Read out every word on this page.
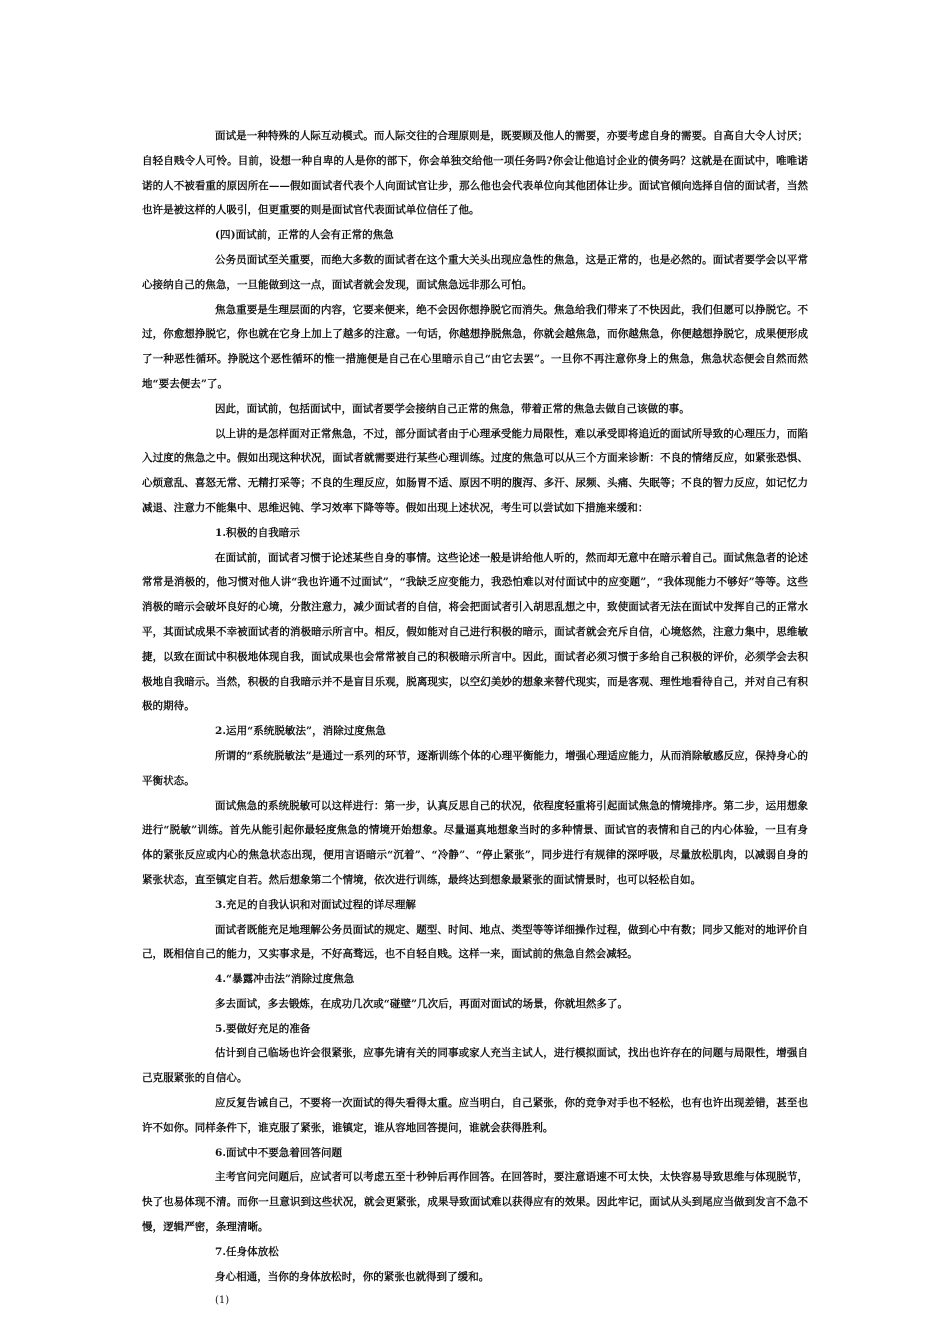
面试是一种特殊的人际互动模式。而人际交往的合理原则是，既要顾及他人的需要，亦要考虑自身的需要。自高自大令人讨厌；自轻自贱令人可怜。目前，设想一种自卑的人是你的部下，你会单独交给他一项任务吗?你会让他追讨企业的债务吗？这就是在面试中，唯唯诺诺的人不被看重的原因所在——假如面试者代表个人向面试官让步，那么他也会代表单位向其他团体让步。面试官倾向选择自信的面试者，当然也许是被这样的人吸引，但更重要的则是面试官代表面试单位信任了他。

(四)面试前，正常的人会有正常的焦急

公务员面试至关重要，而绝大多数的面试者在这个重大关头出现应急性的焦急，这是正常的，也是必然的。面试者要学会以平常心接纳自己的焦急，一旦能做到这一点，面试者就会发现，面试焦急远非那么可怕。

焦急重要是生理层面的内容，它要来便来，绝不会因你想挣脱它而消失。焦急给我们带来了不快因此，我们但愿可以挣脱它。不过，你愈想挣脱它，你也就在它身上加上了越多的注意。一句话，你越想挣脱焦急，你就会越焦急，而你越焦急，你便越想挣脱它，成果便形成了一种恶性循环。挣脱这个恶性循环的惟一措施便是自己在心里暗示自己“由它去罢”。一旦你不再注意你身上的焦急，焦急状态便会自然而然地“要去便去”了。

因此，面试前，包括面试中，面试者要学会接纳自己正常的焦急，带着正常的焦急去做自己该做的事。

以上讲的是怎样面对正常焦急，不过，部分面试者由于心理承受能力局限性，难以承受即将追近的面试所导致的心理压力，而陷入过度的焦急之中。假如出现这种状况，面试者就需要进行某些心理训练。过度的焦急可以从三个方面来诊断：不良的情绪反应，如紧张恐惧、心烦意乱、喜怒无常、无精打采等；不良的生理反应，如肠胃不适、原因不明的腹泻、多汗、尿频、头痛、失眠等；不良的智力反应，如记忆力减退、注意力不能集中、思维迟钝、学习效率下降等等。假如出现上述状况，考生可以尝试如下措施来缓和：

1.积极的自我暗示

在面试前，面试者习惯于论述某些自身的事情。这些论述一般是讲给他人听的，然而却无意中在暗示着自己。面试焦急者的论述常常是消极的，他习惯对他人讲“我也许通不过面试”，“我缺乏应变能力，我恐怕难以对付面试中的应变题”，“我体现能力不够好”等等。这些消极的暗示会破坏良好的心境，分散注意力，减少面试者的自信，将会把面试者引入胡思乱想之中，致使面试者无法在面试中发挥自己的正常水平，其面试成果不幸被面试者的消极暗示所言中。相反，假如能对自己进行积极的暗示，面试者就会充斥自信，心境悠然，注意力集中，思维敏捷，以致在面试中积极地体现自我，面试成果也会常常被自己的积极暗示所言中。因此，面试者必须习惯于多给自己积极的评价，必须学会去积极地自我暗示。当然，积极的自我暗示并不是盲目乐观，脱离现实，以空幻美妙的想象来替代现实，而是客观、理性地看待自己，并对自己有积极的期待。

2.运用“系统脱敏法”，消除过度焦急

所谓的“系统脱敏法”是通过一系列的环节，逐渐训练个体的心理平衡能力，增强心理适应能力，从而消除敏感反应，保持身心的平衡状态。

面试焦急的系统脱敏可以这样进行：第一步，认真反思自己的状况，依程度轻重将引起面试焦急的情境排序。第二步，运用想象进行“脱敏”训练。首先从能引起你最轻度焦急的情境开始想象。尽量逼真地想象当时的多种情景、面试官的表情和自己的内心体验，一旦有身体的紧张反应或内心的焦急状态出现，便用言语暗示“沉着”、“冷静”、“停止紧张”，同步进行有规律的深呼吸，尽量放松肌肉，以减弱自身的紧张状态，直至镇定自若。然后想象第二个情境，依次进行训练，最终达到想象最紧张的面试情景时，也可以轻松自如。

3.充足的自我认识和对面试过程的详尽理解

面试者既能充足地理解公务员面试的规定、题型、时间、地点、类型等等详细操作过程，做到心中有数；同步又能对的地评价自己，既相信自己的能力，又实事求是，不好高骛远，也不自轻自贱。这样一来，面试前的焦急自然会减轻。

4.“暴露冲击法”消除过度焦急

多去面试，多去锻炼，在成功几次或“碰壁”几次后，再面对面试的场景，你就坦然多了。

5.要做好充足的准备

估计到自己临场也许会很紧张，应事先请有关的同事或家人充当主试人，进行模拟面试，找出也许存在的问题与局限性，增强自己克服紧张的自信心。

应反复告诫自己，不要将一次面试的得失看得太重。应当明白，自己紧张，你的竞争对手也不轻松，也有也许出现差错，甚至也许不如你。同样条件下，谁克服了紧张，谁镇定，谁从容地回答提问，谁就会获得胜利。

6.面试中不要急着回答问题

主考官问完问题后，应试者可以考虑五至十秒钟后再作回答。在回答时，要注意语速不可太快，太快容易导致思维与体现脱节，快了也易体现不清。而你一旦意识到这些状况，就会更紧张，成果导致面试难以获得应有的效果。因此牢记，面试从头到尾应当做到发言不急不慢，逻辑严密，条理清晰。

7.任身体放松

身心相通，当你的身体放松时，你的紧张也就得到了缓和。

(1)
